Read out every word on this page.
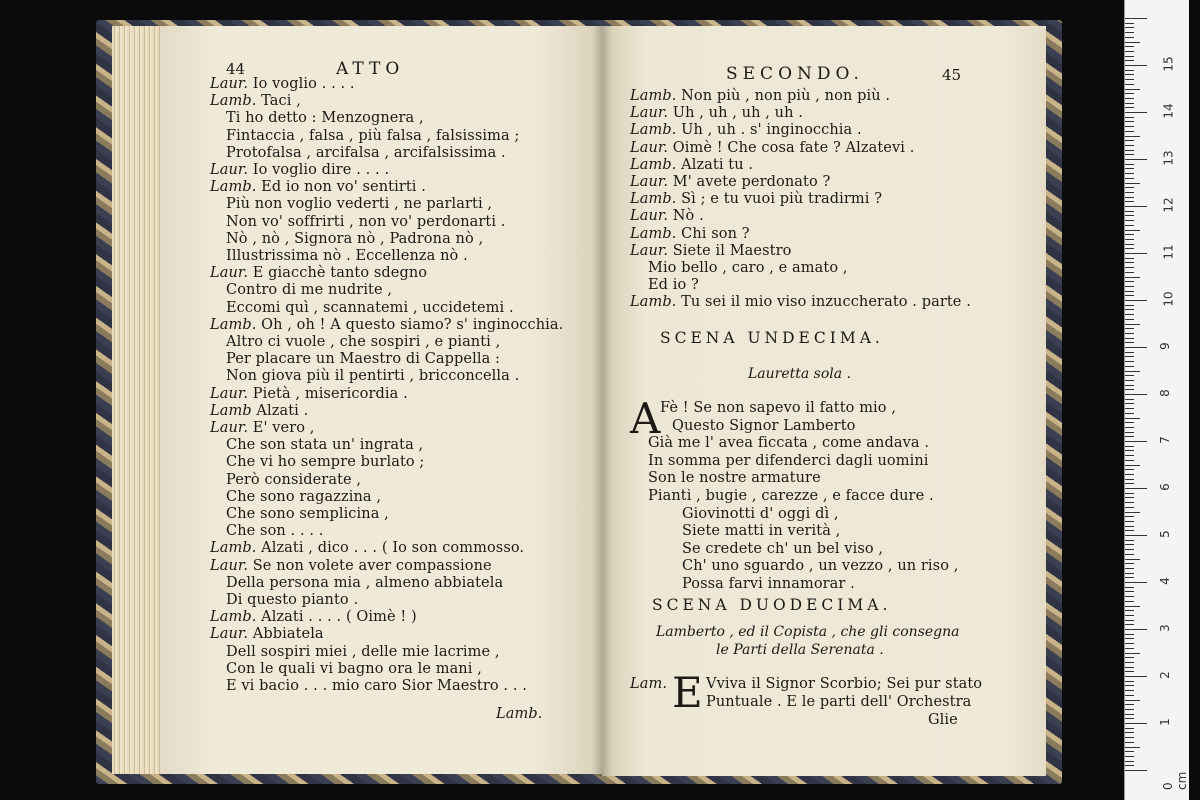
44	ATTO
Laur. Io voglio . . . .
Lamb. Taci ,
Ti ho detto : Menzognera ,
Fintaccia , falsa , più falsa , falsissima ;
Protofalsa , arcifalsa , arcifalsissima .
Laur. Io voglio dire . . . .
Lamb. Ed io non vo' sentirti .
Più non voglio vederti , ne parlarti ,
Non vo' soffrirti , non vo' perdonarti .
Nò , nò , Signora nò , Padrona nò ,
Illustrissima nò . Eccellenza nò .
Laur. E giacchè tanto sdegno
Contro di me nudrite ,
Eccomi quì , scannatemi , uccidetemi .
Lamb. Oh , oh ! A questo siamo? s' inginocchia.
Altro ci vuole , che sospiri , e pianti ,
Per placare un Maestro di Cappella :
Non giova più il pentirti , bricconcella .
Laur. Pietà , misericordia .
Lamb Alzati .
Laur. E' vero ,
Che son stata un' ingrata ,
Che vi ho sempre burlato ;
Però considerate ,
Che sono ragazzina ,
Che sono semplicina ,
Che son . . . .
Lamb. Alzati , dico . . . ( Io son commosso.
Laur. Se non volete aver compassione
Della persona mia , almeno abbiatela
Di questo pianto .
Lamb. Alzati . . . . ( Oimè ! )
Laur. Abbiatela
Dell sospiri miei , delle mie lacrime ,
Con le quali vi bagno ora le mani ,
E vi bacio . . . mio caro Sior Maestro . . .
Lamb.
SECONDO.	45
Lamb. Non più , non più , non più .
Laur. Uh , uh , uh , uh .
Lamb. Uh , uh . s' inginocchia .
Laur. Oimè ! Che cosa fate ? Alzatevi .
Lamb. Alzati tu .
Laur. M' avete perdonato ?
Lamb. Sì ; e tu vuoi più tradirmi ?
Laur. Nò .
Lamb. Chi son ?
Laur. Siete il Maestro
Mio bello , caro , e amato ,
Ed io ?
Lamb. Tu sei il mio viso inzuccherato . parte .
SCENA UNDECIMA.
Lauretta sola .
A Fè ! Se non sapevo il fatto mio ,
Questo Signor Lamberto
Già me l' avea ficcata , come andava .
In somma per difenderci dagli uomini
Son le nostre armature
Pianti , bugie , carezze , e facce dure .
Giovinotti d' oggi dì ,
Siete matti in verità ,
Se credete ch' un bel viso ,
Ch' uno sguardo , un vezzo , un riso ,
Possa farvi innamorar .
SCENA DUODECIMA.
Lamberto , ed il Copista , che gli consegna
le Parti della Serenata .
Lam. E Vviva il Signor Scorbio; Sei pur stato
Puntuale . E le parti dell' Orchestra
Glie
15
14
13
12
11
10
9
8
7
6
5
4
3
2
1
0 cm
